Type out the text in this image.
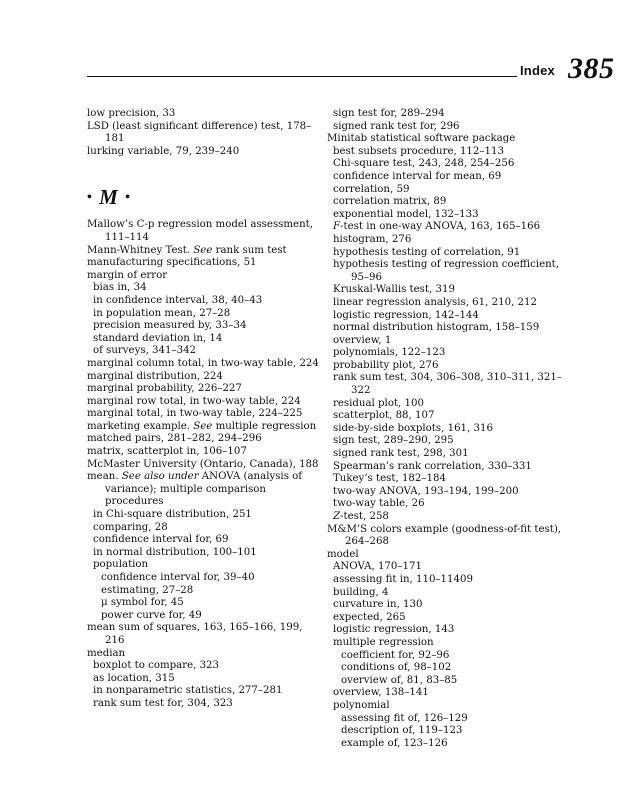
Index 385
low precision, 33
LSD (least significant difference) test, 178–181
lurking variable, 79, 239–240
• M •
Mallow’s C-p regression model assessment, 111–114
Mann-Whitney Test. See rank sum test
manufacturing specifications, 51
margin of error
bias in, 34
in confidence interval, 38, 40–43
in population mean, 27–28
precision measured by, 33–34
standard deviation in, 14
of surveys, 341–342
marginal column total, in two-way table, 224
marginal distribution, 224
marginal probability, 226–227
marginal row total, in two-way table, 224
marginal total, in two-way table, 224–225
marketing example. See multiple regression
matched pairs, 281–282, 294–296
matrix, scatterplot in, 106–107
McMaster University (Ontario, Canada), 188
mean. See also under ANOVA (analysis of variance); multiple comparison procedures
in Chi-square distribution, 251
comparing, 28
confidence interval for, 69
in normal distribution, 100–101
population
confidence interval for, 39–40
estimating, 27–28
μ symbol for, 45
power curve for, 49
mean sum of squares, 163, 165–166, 199, 216
median
boxplot to compare, 323
as location, 315
in nonparametric statistics, 277–281
rank sum test for, 304, 323
sign test for, 289–294
signed rank test for, 296
Minitab statistical software package
best subsets procedure, 112–113
Chi-square test, 243, 248, 254–256
confidence interval for mean, 69
correlation, 59
correlation matrix, 89
exponential model, 132–133
F-test in one-way ANOVA, 163, 165–166
histogram, 276
hypothesis testing of correlation, 91
hypothesis testing of regression coefficient, 95–96
Kruskal-Wallis test, 319
linear regression analysis, 61, 210, 212
logistic regression, 142–144
normal distribution histogram, 158–159
overview, 1
polynomials, 122–123
probability plot, 276
rank sum test, 304, 306–308, 310–311, 321–322
residual plot, 100
scatterplot, 88, 107
side-by-side boxplots, 161, 316
sign test, 289–290, 295
signed rank test, 298, 301
Spearman’s rank correlation, 330–331
Tukey’s test, 182–184
two-way ANOVA, 193–194, 199–200
two-way table, 26
Z-test, 258
M&M’S colors example (goodness-of-fit test), 264–268
model
ANOVA, 170–171
assessing fit in, 110–11409
building, 4
curvature in, 130
expected, 265
logistic regression, 143
multiple regression
coefficient for, 92–96
conditions of, 98–102
overview of, 81, 83–85
overview, 138–141
polynomial
assessing fit of, 126–129
description of, 119–123
example of, 123–126
